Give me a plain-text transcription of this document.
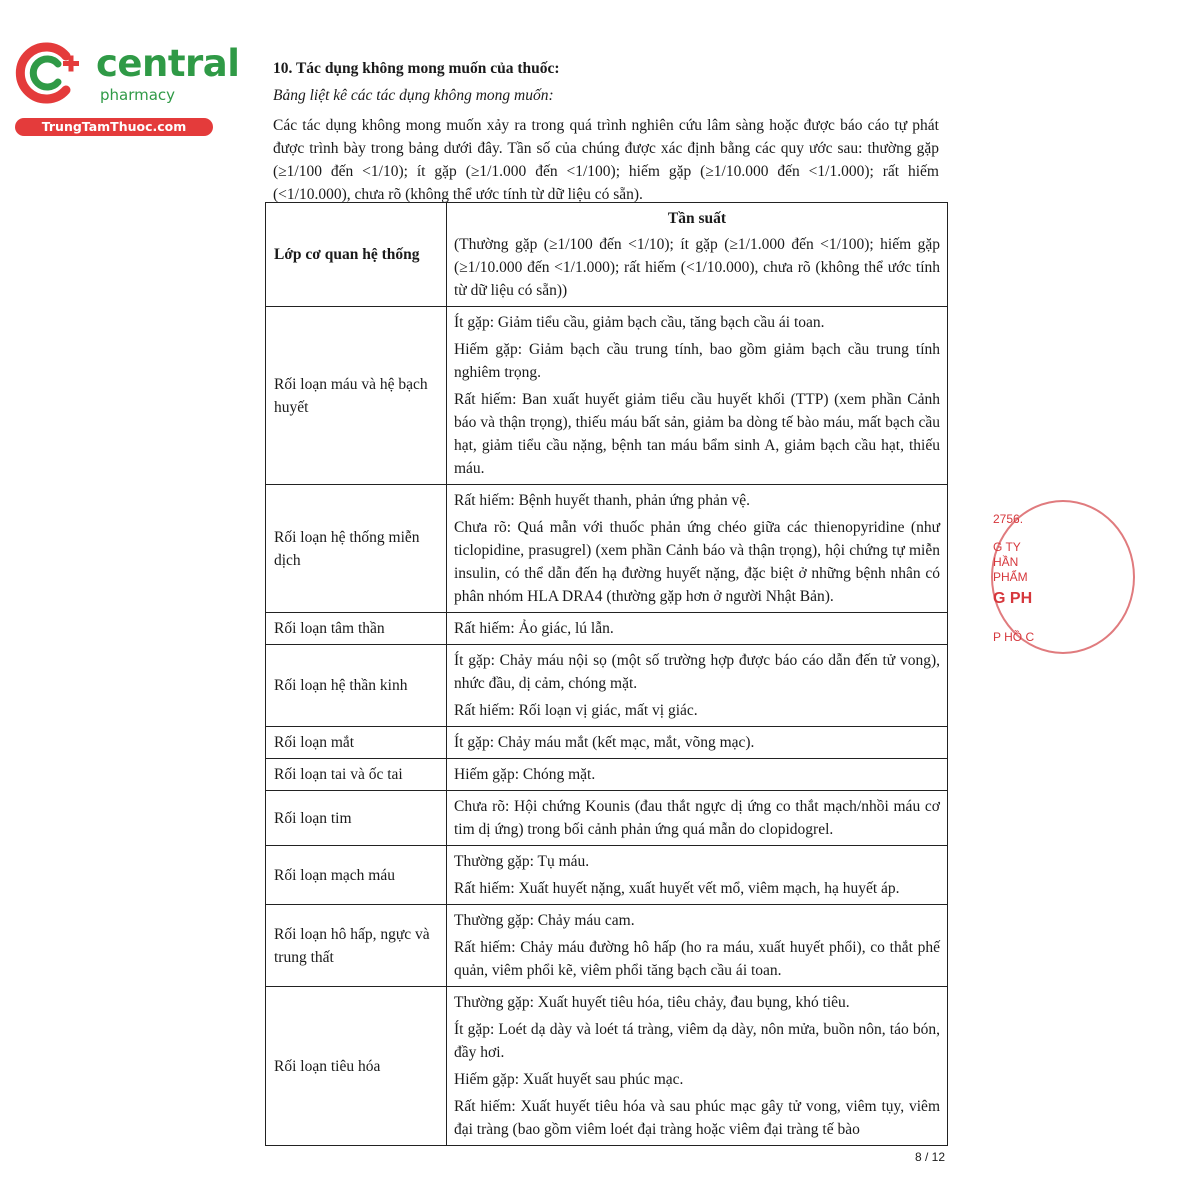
central
pharmacy
TrungTamThuoc.com
10. Tác dụng không mong muốn của thuốc:
Bảng liệt kê các tác dụng không mong muốn:

Các tác dụng không mong muốn xảy ra trong quá trình nghiên cứu lâm sàng hoặc được báo cáo tự phát được trình bày trong bảng dưới đây. Tần số của chúng được xác định bằng các quy ước sau: thường gặp (≥1/100 đến <1/10); ít gặp (≥1/1.000 đến <1/100); hiếm gặp (≥1/10.000 đến <1/1.000); rất hiếm (<1/10.000), chưa rõ (không thể ước tính từ dữ liệu có sẵn).

Lớp cơ quan hệ thống	Tần suất
(Thường gặp (≥1/100 đến <1/10); ít gặp (≥1/1.000 đến <1/100); hiếm gặp (≥1/10.000 đến <1/1.000); rất hiếm (<1/10.000), chưa rõ (không thể ước tính từ dữ liệu có sẵn))

Rối loạn máu và hệ bạch huyết	Ít gặp: Giảm tiểu cầu, giảm bạch cầu, tăng bạch cầu ái toan.

Hiếm gặp: Giảm bạch cầu trung tính, bao gồm giảm bạch cầu trung tính nghiêm trọng.

Rất hiếm: Ban xuất huyết giảm tiểu cầu huyết khối (TTP) (xem phần Cảnh báo và thận trọng), thiếu máu bất sản, giảm ba dòng tế bào máu, mất bạch cầu hạt, giảm tiểu cầu nặng, bệnh tan máu bẩm sinh A, giảm bạch cầu hạt, thiếu máu.

Rối loạn hệ thống miễn dịch	Rất hiếm: Bệnh huyết thanh, phản ứng phản vệ.

Chưa rõ: Quá mẫn với thuốc phản ứng chéo giữa các thienopyridine (như ticlopidine, prasugrel) (xem phần Cảnh báo và thận trọng), hội chứng tự miễn insulin, có thể dẫn đến hạ đường huyết nặng, đặc biệt ở những bệnh nhân có phân nhóm HLA DRA4 (thường gặp hơn ở người Nhật Bản).

Rối loạn tâm thần	Rất hiếm: Ảo giác, lú lẫn.

Rối loạn hệ thần kinh	Ít gặp: Chảy máu nội sọ (một số trường hợp được báo cáo dẫn đến tử vong), nhức đầu, dị cảm, chóng mặt.

Rất hiếm: Rối loạn vị giác, mất vị giác.

Rối loạn mắt	Ít gặp: Chảy máu mắt (kết mạc, mắt, võng mạc).

Rối loạn tai và ốc tai	Hiếm gặp: Chóng mặt.

Rối loạn tim	Chưa rõ: Hội chứng Kounis (đau thắt ngực dị ứng co thắt mạch/nhồi máu cơ tim dị ứng) trong bối cảnh phản ứng quá mẫn do clopidogrel.

Rối loạn mạch máu	Thường gặp: Tụ máu.

Rất hiếm: Xuất huyết nặng, xuất huyết vết mổ, viêm mạch, hạ huyết áp.

Rối loạn hô hấp, ngực và trung thất	Thường gặp: Chảy máu cam.

Rất hiếm: Chảy máu đường hô hấp (ho ra máu, xuất huyết phổi), co thắt phế quản, viêm phổi kẽ, viêm phổi tăng bạch cầu ái toan.

Rối loạn tiêu hóa	Thường gặp: Xuất huyết tiêu hóa, tiêu chảy, đau bụng, khó tiêu.

Ít gặp: Loét dạ dày và loét tá tràng, viêm dạ dày, nôn mửa, buồn nôn, táo bón, đầy hơi.

Hiếm gặp: Xuất huyết sau phúc mạc.

Rất hiếm: Xuất huyết tiêu hóa và sau phúc mạc gây tử vong, viêm tụy, viêm đại tràng (bao gồm viêm loét đại tràng hoặc viêm đại tràng tế bào

8 / 12
2756.
G TY
HẦN
PHẨM
G PH
P HỒ C
